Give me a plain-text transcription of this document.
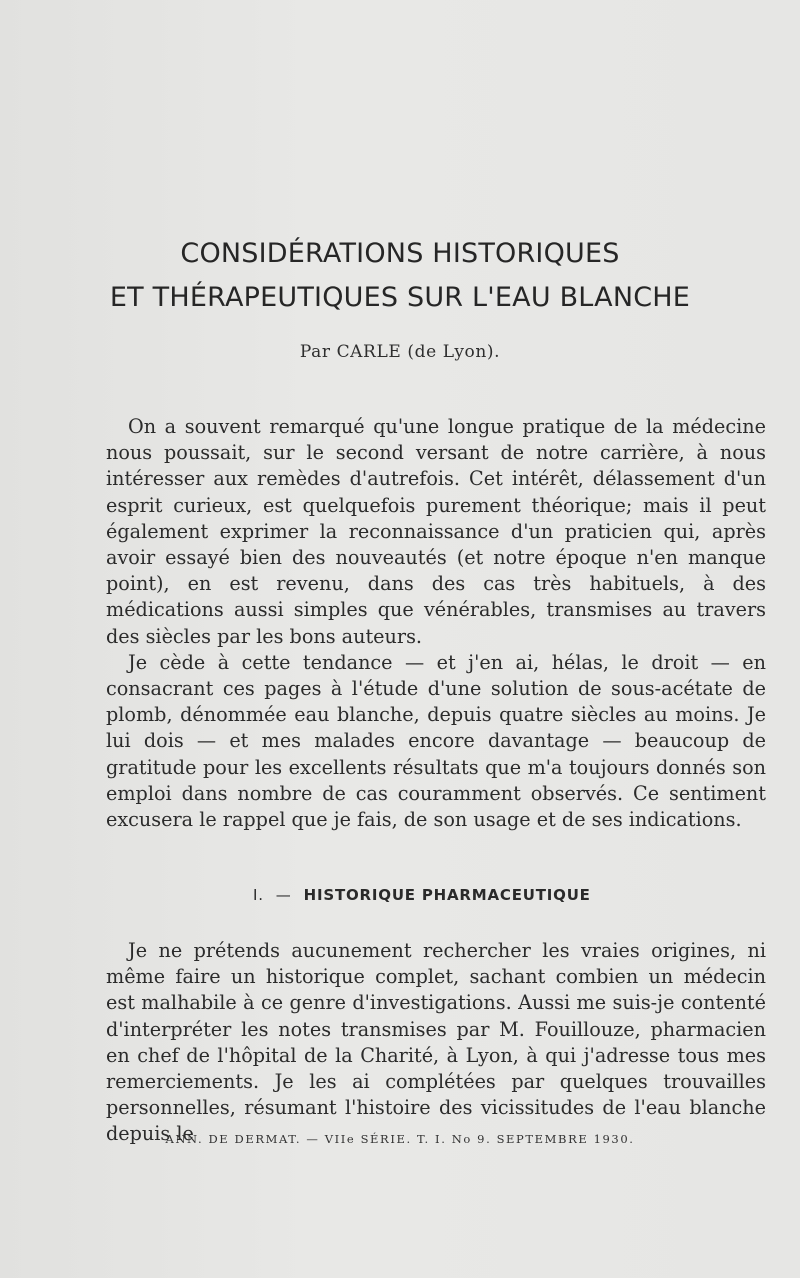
CONSIDÉRATIONS HISTORIQUES
ET THÉRAPEUTIQUES SUR L'EAU BLANCHE
Par CARLE (de Lyon).

On a souvent remarqué qu'une longue pratique de la médecine nous poussait, sur le second versant de notre carrière, à nous intéresser aux remèdes d'autrefois. Cet intérêt, délassement d'un esprit curieux, est quelquefois purement théorique; mais il peut également exprimer la reconnaissance d'un praticien qui, après avoir essayé bien des nouveautés (et notre époque n'en manque point), en est revenu, dans des cas très habituels, à des médications aussi simples que vénérables, transmises au travers des siècles par les bons auteurs.

Je cède à cette tendance — et j'en ai, hélas, le droit — en consacrant ces pages à l'étude d'une solution de sous-acétate de plomb, dénommée eau blanche, depuis quatre siècles au moins. Je lui dois — et mes malades encore davantage — beaucoup de gratitude pour les excellents résultats que m'a toujours donnés son emploi dans nombre de cas couramment observés. Ce sentiment excusera le rappel que je fais, de son usage et de ses indications.

I. — HISTORIQUE PHARMACEUTIQUE

Je ne prétends aucunement rechercher les vraies origines, ni même faire un historique complet, sachant combien un médecin est malhabile à ce genre d'investigations. Aussi me suis-je contenté d'interpréter les notes transmises par M. Fouillouze, pharmacien en chef de l'hôpital de la Charité, à Lyon, à qui j'adresse tous mes remerciements. Je les ai complétées par quelques trouvailles personnelles, résumant l'histoire des vicissitudes de l'eau blanche depuis le

ANN. DE DERMAT. — VIIe SÉRIE. T. I. No 9. SEPTEMBRE 1930.
